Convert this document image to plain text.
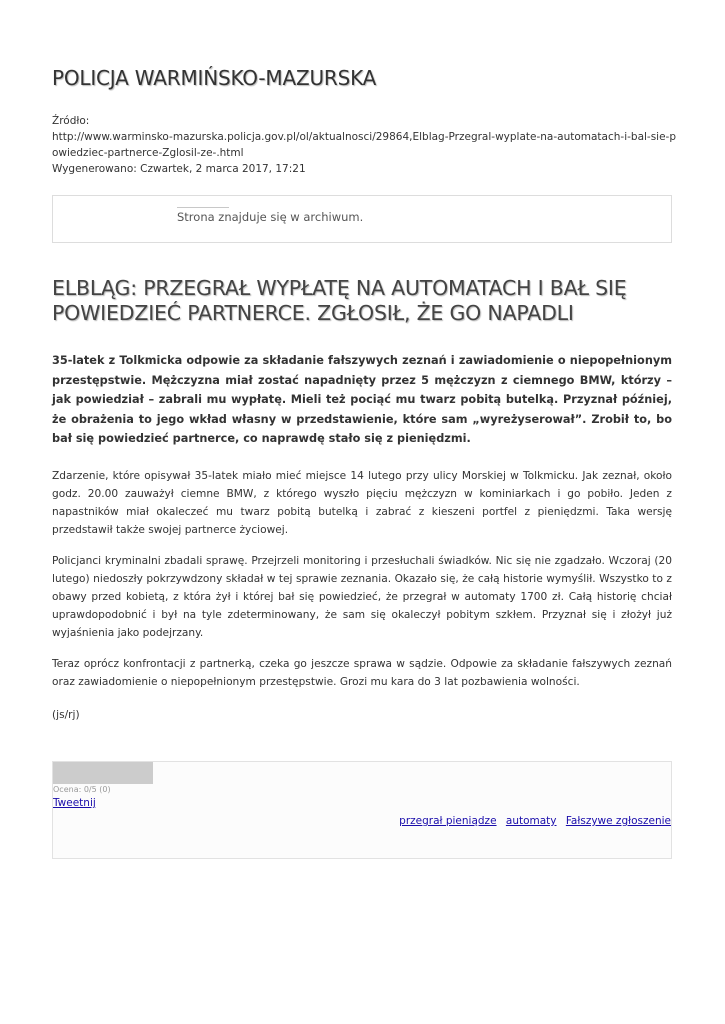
POLICJA WARMIŃSKO-MAZURSKA
Źródło:
http://www.warminsko-mazurska.policja.gov.pl/ol/aktualnosci/29864,Elblag-Przegral-wyplate-na-automatach-i-bal-sie-powiedziec-partnerce-Zglosil-ze-.html
Wygenerowano: Czwartek, 2 marca 2017, 17:21
Strona znajduje się w archiwum.
ELBLĄG: PRZEGRAŁ WYPŁATĘ NA AUTOMATACH I BAŁ SIĘ POWIEDZIEĆ PARTNERCE. ZGŁOSIŁ, ŻE GO NAPADLI

35-latek z Tolkmicka odpowie za składanie fałszywych zeznań i zawiadomienie o niepopełnionym przestępstwie. Mężczyzna miał zostać napadnięty przez 5 mężczyzn z ciemnego BMW, którzy – jak powiedział – zabrali mu wypłatę. Mieli też pociąć mu twarz pobitą butelką. Przyznał później, że obrażenia to jego wkład własny w przedstawienie, które sam „wyreżyserował”. Zrobił to, bo bał się powiedzieć partnerce, co naprawdę stało się z pieniędzmi.

Zdarzenie, które opisywał 35-latek miało mieć miejsce 14 lutego przy ulicy Morskiej w Tolkmicku. Jak zeznał, około godz. 20.00 zauważył ciemne BMW, z którego wyszło pięciu mężczyzn w kominiarkach i go pobiło. Jeden z napastników miał okaleczeć mu twarz pobitą butelką i zabrać z kieszeni portfel z pieniędzmi. Taka wersję przedstawił także swojej partnerce życiowej.

Policjanci kryminalni zbadali sprawę. Przejrzeli monitoring i przesłuchali świadków. Nic się nie zgadzało. Wczoraj (20 lutego) niedoszły pokrzywdzony składał w tej sprawie zeznania. Okazało się, że całą historie wymyślił. Wszystko to z obawy przed kobietą, z która żył i której bał się powiedzieć, że przegrał w automaty 1700 zł. Całą historię chciał uprawdopodobnić i był na tyle zdeterminowany, że sam się okaleczył pobitym szkłem. Przyznał się i złożył już wyjaśnienia jako podejrzany.

Teraz oprócz konfrontacji z partnerką, czeka go jeszcze sprawa w sądzie. Odpowie za składanie fałszywych zeznań oraz zawiadomienie o niepopełnionym przestępstwie. Grozi mu kara do 3 lat pozbawienia wolności.

(js/rj)
Ocena: 0/5 (0)
Tweetnij
przegrał pieniądze automaty Fałszywe zgłoszenie
